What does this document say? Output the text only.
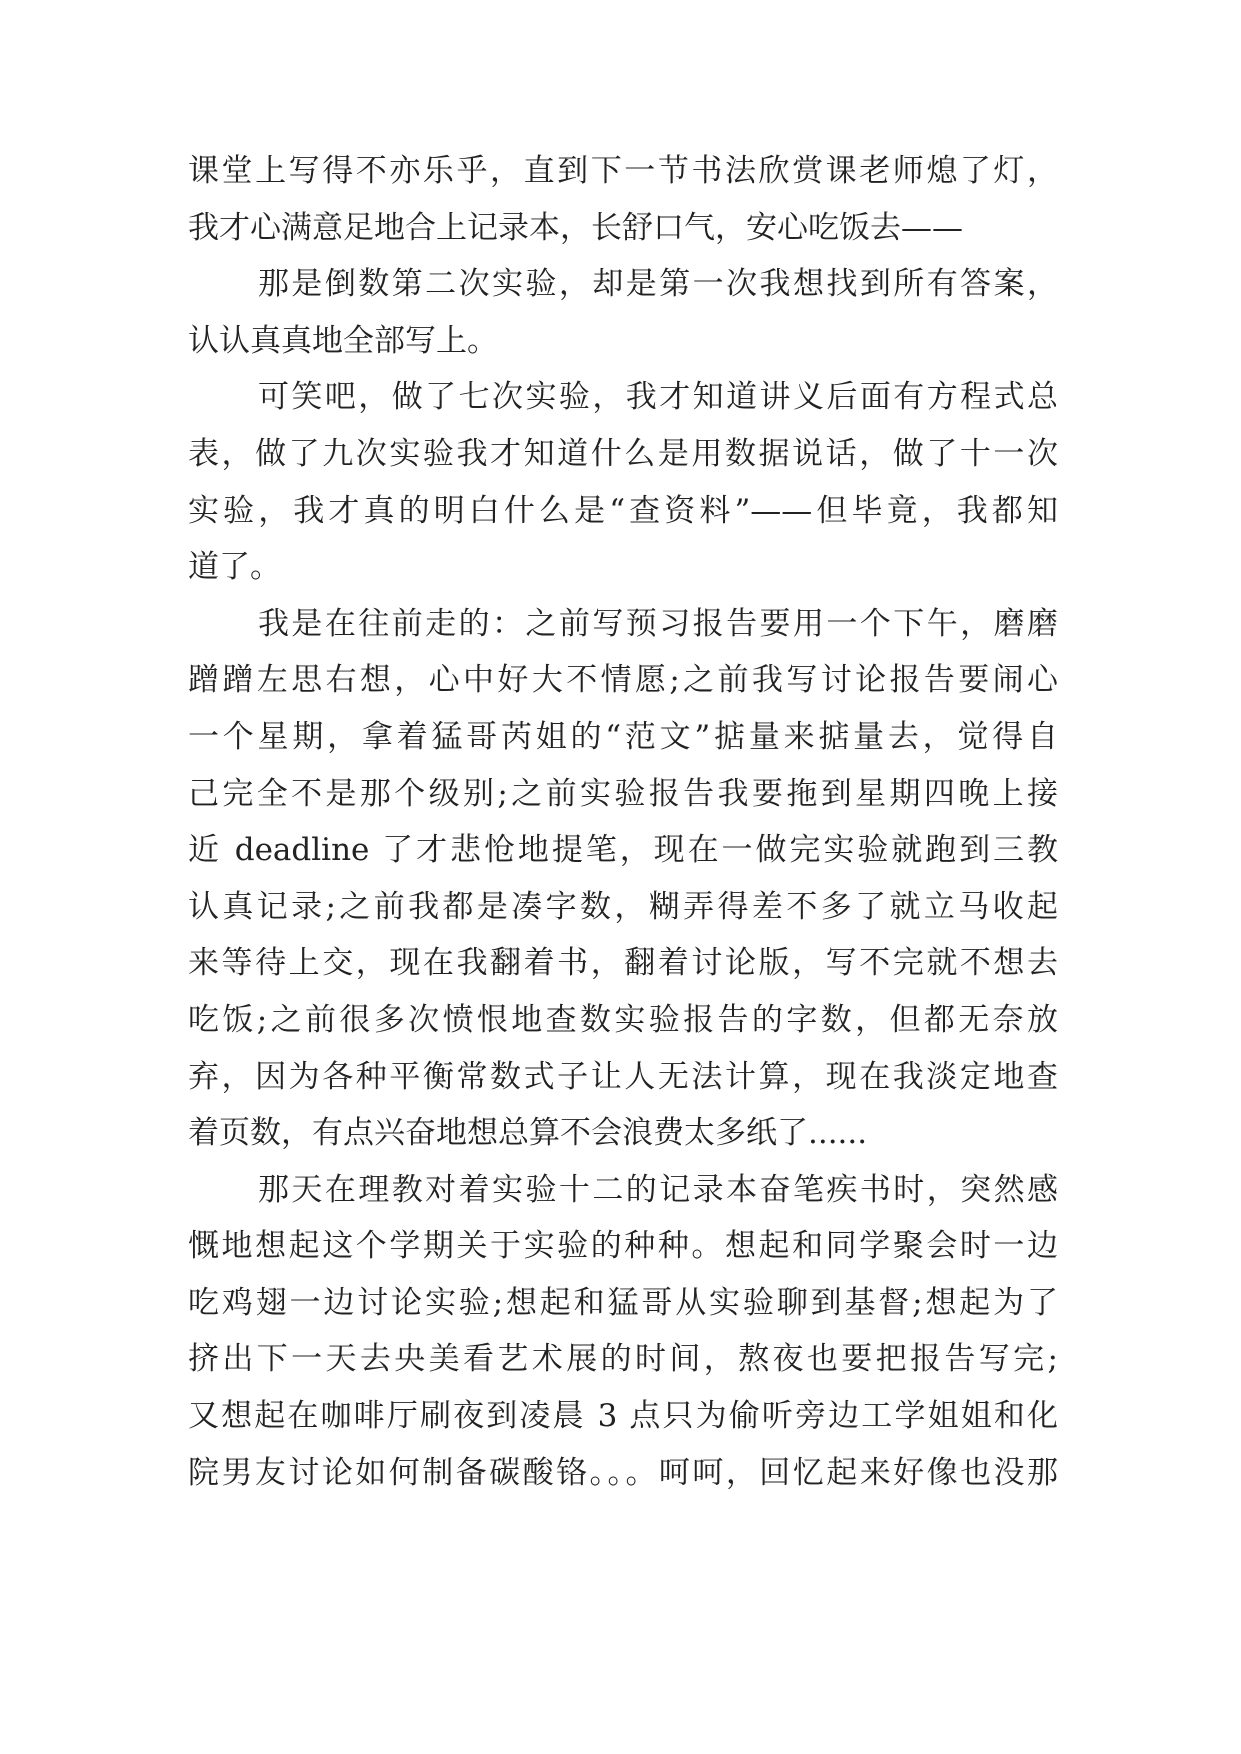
课堂上写得不亦乐乎，直到下一节书法欣赏课老师熄了灯，
我才心满意足地合上记录本，长舒口气，安心吃饭去——
那是倒数第二次实验，却是第一次我想找到所有答案，
认认真真地全部写上。
可笑吧，做了七次实验，我才知道讲义后面有方程式总
表，做了九次实验我才知道什么是用数据说话，做了十一次
实验，我才真的明白什么是“查资料”——但毕竟，我都知
道了。
我是在往前走的：之前写预习报告要用一个下午，磨磨
蹭蹭左思右想，心中好大不情愿;之前我写讨论报告要闹心
一个星期，拿着猛哥芮姐的“范文”掂量来掂量去，觉得自
己完全不是那个级别;之前实验报告我要拖到星期四晚上接
近 deadline 了才悲怆地提笔，现在一做完实验就跑到三教
认真记录;之前我都是凑字数，糊弄得差不多了就立马收起
来等待上交，现在我翻着书，翻着讨论版，写不完就不想去
吃饭;之前很多次愤恨地查数实验报告的字数，但都无奈放
弃，因为各种平衡常数式子让人无法计算，现在我淡定地查
着页数，有点兴奋地想总算不会浪费太多纸了......
那天在理教对着实验十二的记录本奋笔疾书时，突然感
慨地想起这个学期关于实验的种种。想起和同学聚会时一边
吃鸡翅一边讨论实验;想起和猛哥从实验聊到基督;想起为了
挤出下一天去央美看艺术展的时间，熬夜也要把报告写完;
又想起在咖啡厅刷夜到凌晨 3 点只为偷听旁边工学姐姐和化
院男友讨论如何制备碳酸铬。。。呵呵，回忆起来好像也没那
